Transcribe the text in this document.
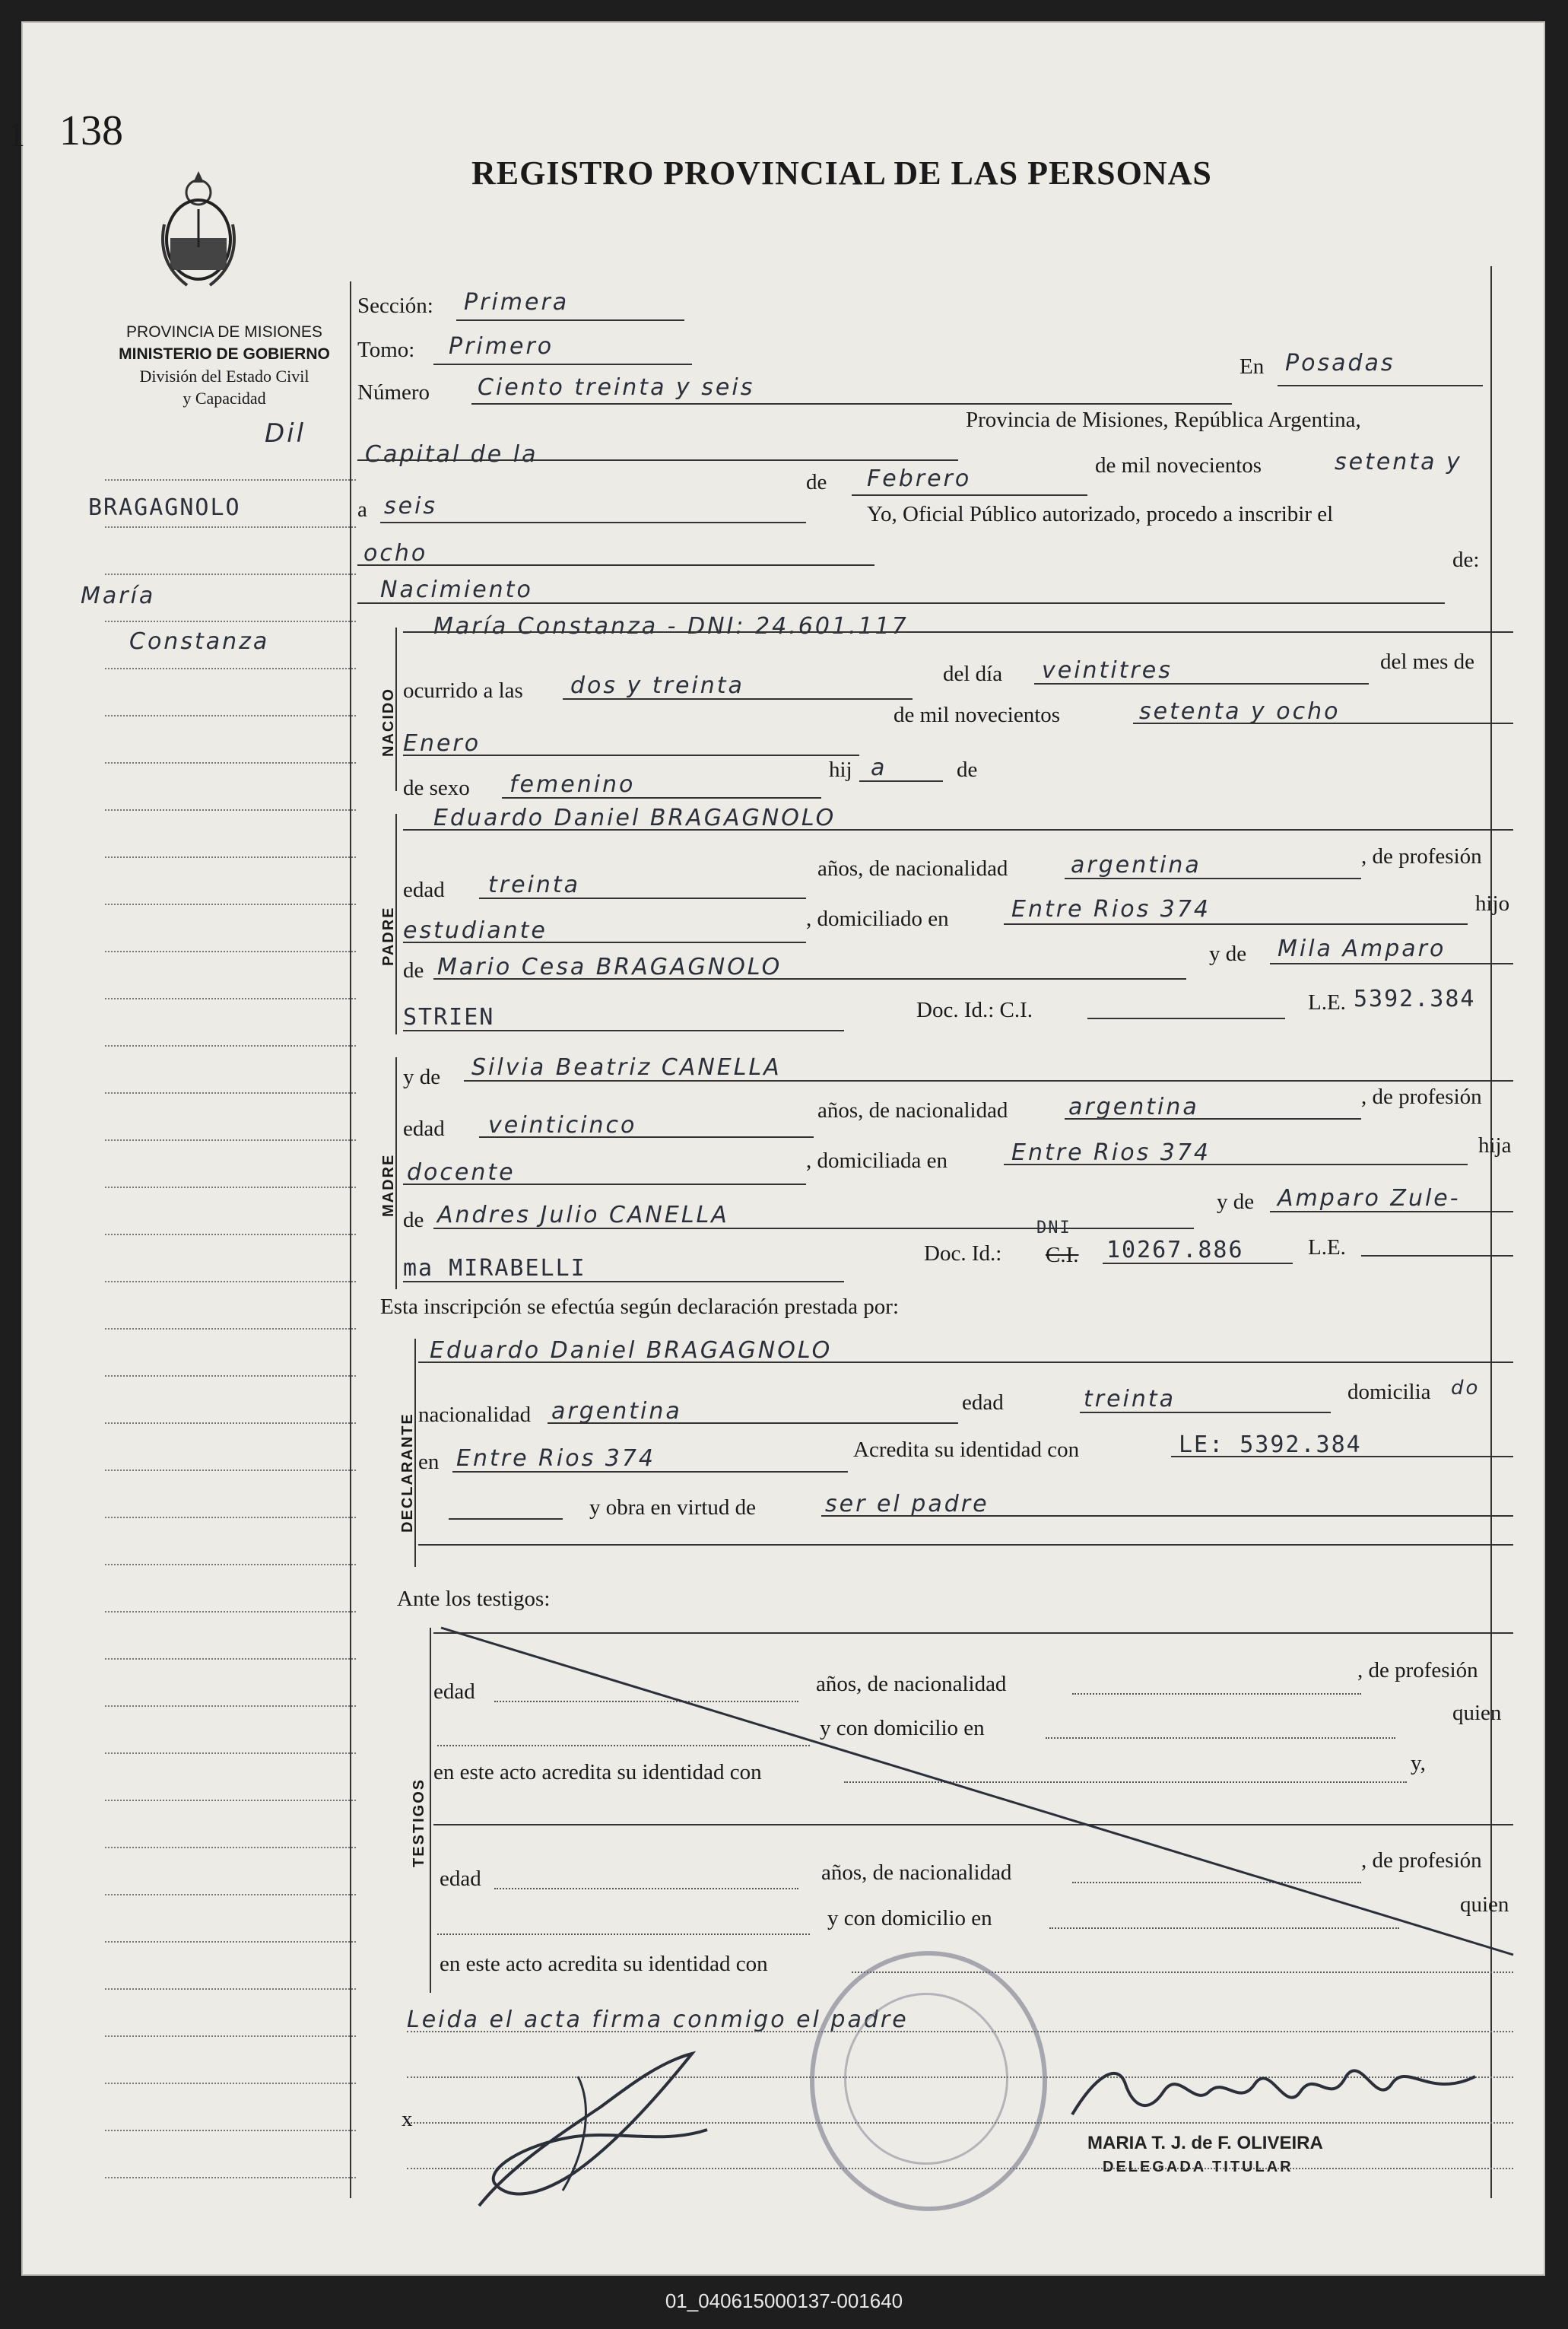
1 138
REGISTRO PROVINCIAL DE LAS PERSONAS
PROVINCIA DE MISIONES
MINISTERIO DE GOBIERNO
División del Estado Civil
y Capacidad
Dil
BRAGAGNOLO
María
Constanza
Sección: Primera
Tomo: Primero
Número Ciento treinta y seis
En Posadas
Provincia de Misiones, República Argentina,
Capital de la
de Febrero	de mil novecientos	setenta y
a seis	Yo, Oficial Público autorizado, procedo a inscribir el
ocho	de:
Nacimiento
NACIDO
María Constanza - DNI: 24.601.117
ocurrido a las dos y treinta	del día veintitres	del mes de
de mil novecientos	setenta y ocho
Enero
de sexo femenino
hij a	de
PADRE
Eduardo Daniel BRAGAGNOLO
edad treinta
años, de nacionalidad	argentina	, de profesión
estudiante	, domiciliado en	Entre Rios 374	hijo
de Mario Cesa BRAGAGNOLO	y de Mila Amparo
STRIEN	Doc. Id.: C.I.	L.E. 5392.384
MADRE
y de Silvia Beatriz CANELLA
edad veinticinco
años, de nacionalidad	argentina	, de profesión
docente	, domiciliada en	Entre Rios 374	hija
de Andres Julio CANELLA	y de Amparo Zule-
ma MIRABELLI
Doc. Id.: C.I.
DNI
10267.886	L.E.
Esta inscripción se efectúa según declaración prestada por:
DECLARANTE
Eduardo Daniel BRAGAGNOLO
nacionalidad argentina	edad	treinta	domicilia do
en Entre Rios 374	Acredita su identidad con	LE: 5392.384
y obra en virtud de	ser el padre
Ante los testigos:
TESTIGOS
edad	años, de nacionalidad
, de profesión
y con domicilio en
quien
en este acto acredita su identidad con	y,
edad	años, de nacionalidad	, de profesión
y con domicilio en
quien
en este acto acredita su identidad con
Leida el acta firma conmigo el padre
x
MARIA T. J. de F. OLIVEIRA
DELEGADA TITULAR
01_040615000137-001640
